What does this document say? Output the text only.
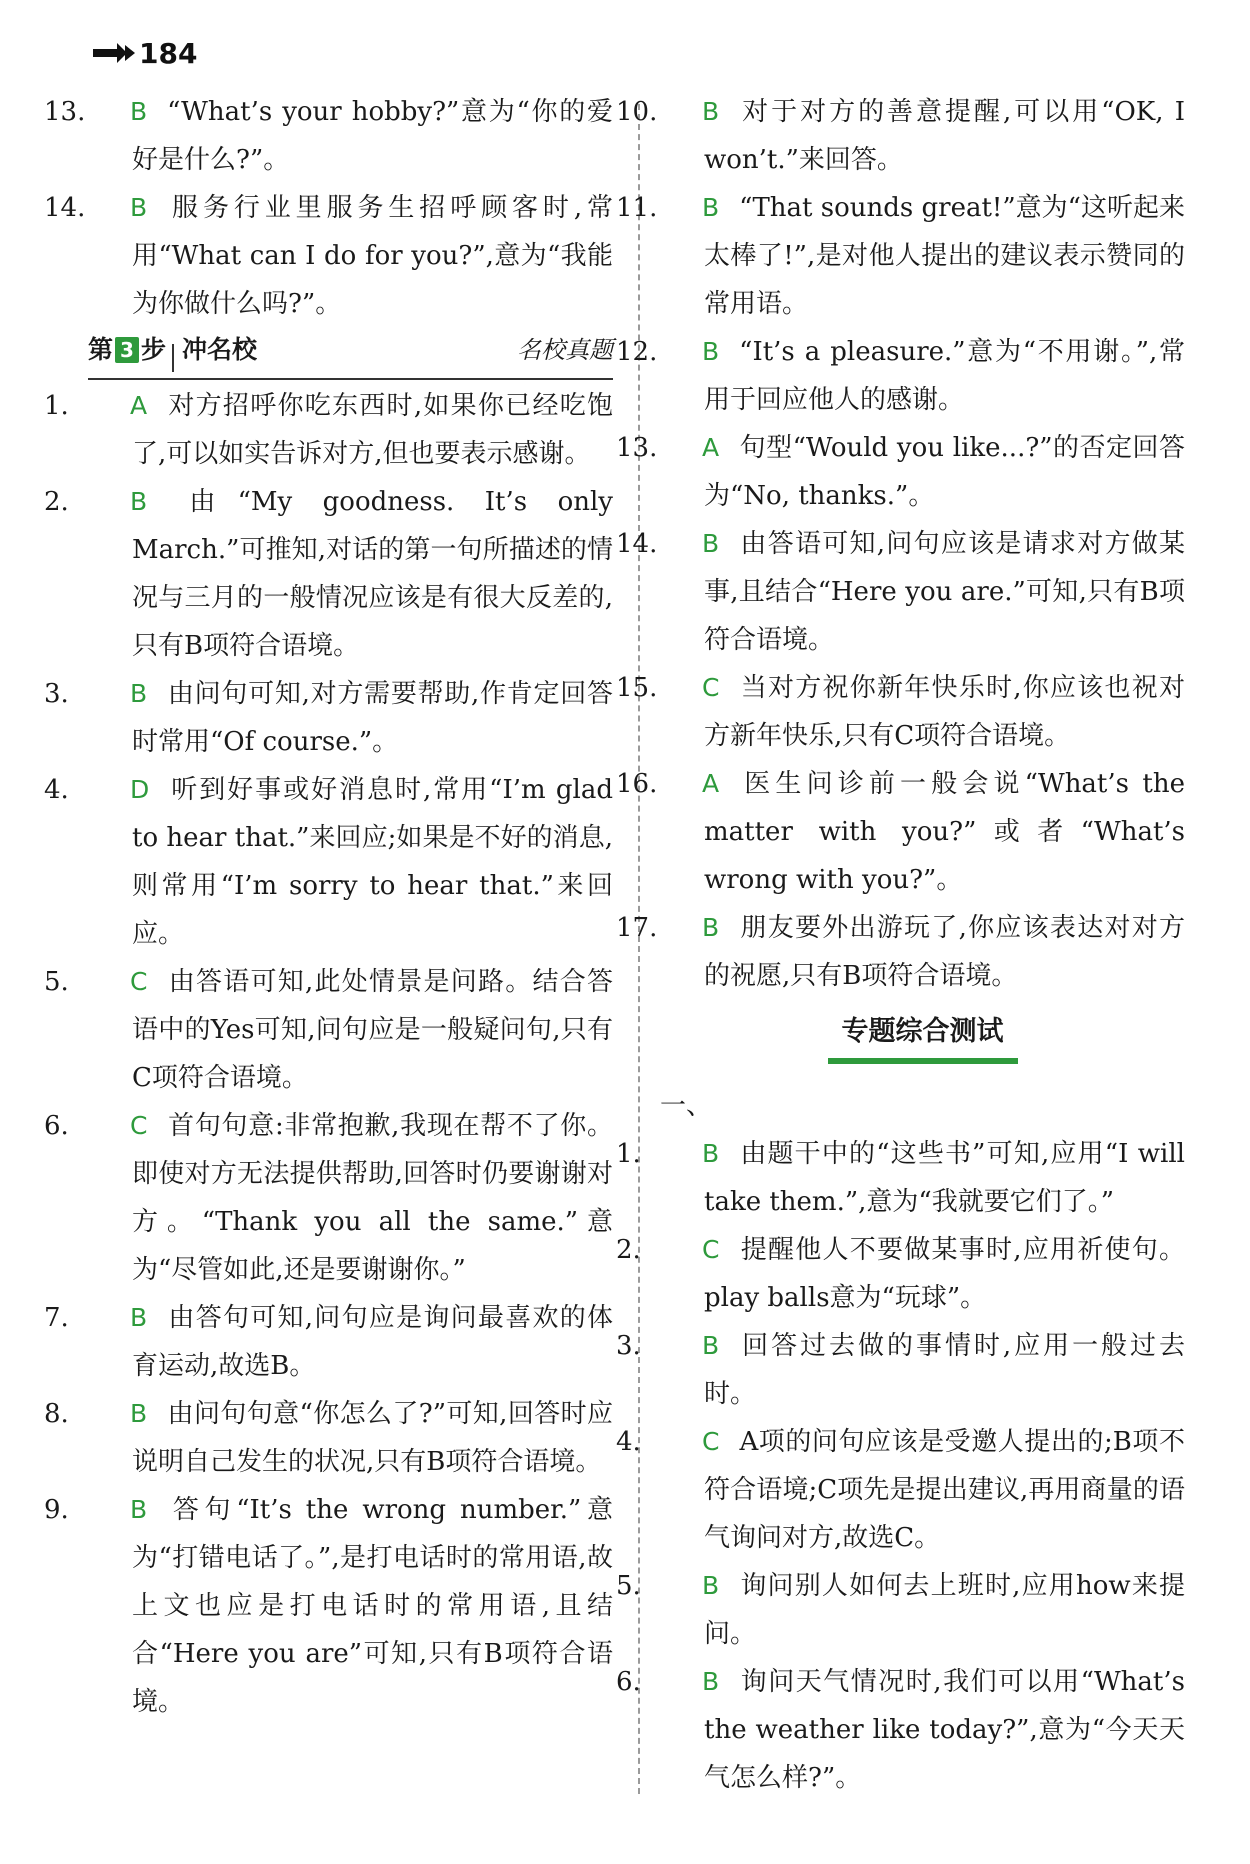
184
13. B “What’s your hobby?”意为“你的爱好是什么?”。
14. B 服务行业里服务生招呼顾客时,常用“What can I do for you?”,意为“我能为你做什么吗?”。
第 3 步 冲名校	名校真题
1. A 对方招呼你吃东西时,如果你已经吃饱了,可以如实告诉对方,但也要表示感谢。
2. B 由“My goodness. It’s only March.”可推知,对话的第一句所描述的情况与三月的一般情况应该是有很大反差的,只有B项符合语境。
3. B 由问句可知,对方需要帮助,作肯定回答时常用“Of course.”。
4. D 听到好事或好消息时,常用“I’m glad to hear that.”来回应;如果是不好的消息,则常用“I’m sorry to hear that.”来回应。
5. C 由答语可知,此处情景是问路。结合答语中的Yes可知,问句应是一般疑问句,只有C项符合语境。
6. C 首句句意:非常抱歉,我现在帮不了你。即使对方无法提供帮助,回答时仍要谢谢对方。“Thank you all the same.”意为“尽管如此,还是要谢谢你。”
7. B 由答句可知,问句应是询问最喜欢的体育运动,故选B。
8. B 由问句句意“你怎么了?”可知,回答时应说明自己发生的状况,只有B项符合语境。
9. B 答句“It’s the wrong number.”意为“打错电话了。”,是打电话时的常用语,故上文也应是打电话时的常用语,且结合“Here you are”可知,只有B项符合语境。
10. B 对于对方的善意提醒,可以用“OK, I won’t.”来回答。
11. B “That sounds great!”意为“这听起来太棒了!”,是对他人提出的建议表示赞同的常用语。
12. B “It’s a pleasure.”意为“不用谢。”,常用于回应他人的感谢。
13. A 句型“Would you like...?”的否定回答为“No, thanks.”。
14. B 由答语可知,问句应该是请求对方做某事,且结合“Here you are.”可知,只有B项符合语境。
15. C 当对方祝你新年快乐时,你应该也祝对方新年快乐,只有C项符合语境。
16. A 医生问诊前一般会说“What’s the matter with you?”或者“What’s wrong with you?”。
17. B 朋友要外出游玩了,你应该表达对对方的祝愿,只有B项符合语境。
专题综合测试
一、
1. B 由题干中的“这些书”可知,应用“I will take them.”,意为“我就要它们了。”
2. C 提醒他人不要做某事时,应用祈使句。play balls意为“玩球”。
3. B 回答过去做的事情时,应用一般过去时。
4. C A项的问句应该是受邀人提出的;B项不符合语境;C项先是提出建议,再用商量的语气询问对方,故选C。
5. B 询问别人如何去上班时,应用how来提问。
6. B 询问天气情况时,我们可以用“What’s the weather like today?”,意为“今天天气怎么样?”。
